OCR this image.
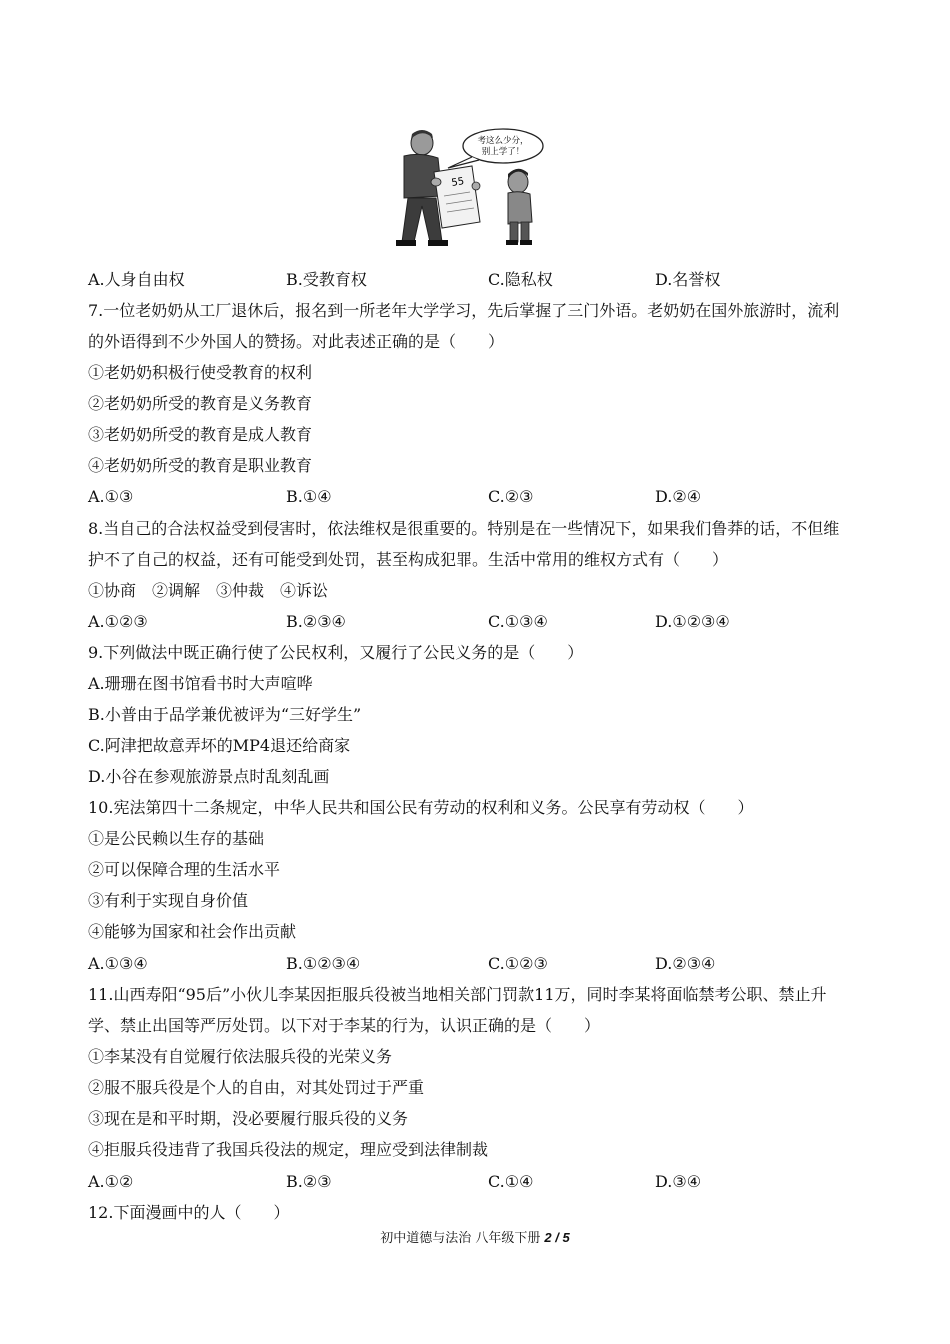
考这么少分，
别上学了！
55
A.人身自由权	B.受教育权	C.隐私权	D.名誉权
7.一位老奶奶从工厂退休后，报名到一所老年大学学习，先后掌握了三门外语。老奶奶在国外旅游时，流利
的外语得到不少外国人的赞扬。对此表述正确的是（　　）
①老奶奶积极行使受教育的权利
②老奶奶所受的教育是义务教育
③老奶奶所受的教育是成人教育
④老奶奶所受的教育是职业教育
A.①③	B.①④	C.②③	D.②④
8.当自己的合法权益受到侵害时，依法维权是很重要的。特别是在一些情况下，如果我们鲁莽的话，不但维
护不了自己的权益，还有可能受到处罚，甚至构成犯罪。生活中常用的维权方式有（　　）
①协商　②调解　③仲裁　④诉讼
A.①②③	B.②③④	C.①③④	D.①②③④
9.下列做法中既正确行使了公民权利，又履行了公民义务的是（　　）
A.珊珊在图书馆看书时大声喧哗
B.小普由于品学兼优被评为“三好学生”
C.阿津把故意弄坏的MP4退还给商家
D.小谷在参观旅游景点时乱刻乱画
10.宪法第四十二条规定，中华人民共和国公民有劳动的权利和义务。公民享有劳动权（　　）
①是公民赖以生存的基础
②可以保障合理的生活水平
③有利于实现自身价值
④能够为国家和社会作出贡献
A.①③④	B.①②③④	C.①②③	D.②③④
11.山西寿阳“95后”小伙儿李某因拒服兵役被当地相关部门罚款11万，同时李某将面临禁考公职、禁止升
学、禁止出国等严厉处罚。以下对于李某的行为，认识正确的是（　　）
①李某没有自觉履行依法服兵役的光荣义务
②服不服兵役是个人的自由，对其处罚过于严重
③现在是和平时期，没必要履行服兵役的义务
④拒服兵役违背了我国兵役法的规定，理应受到法律制裁
A.①②	B.②③	C.①④	D.③④
12.下面漫画中的人（　　）
初中道德与法治 八年级下册 2 / 5
